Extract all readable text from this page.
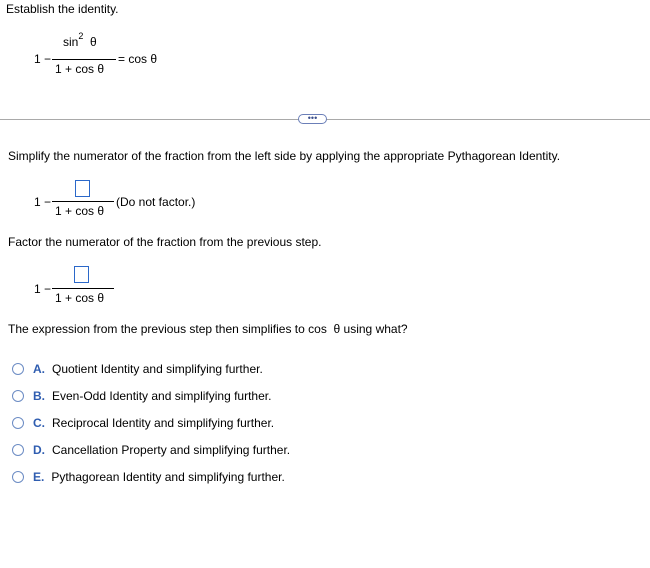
Establish the identity.
1 −
$\sin^2 \theta$
1 + cos θ
= cos θ
•••
Simplify the numerator of the fraction from the left side by applying the appropriate Pythagorean Identity.
1 −
1 + cos θ
(Do not factor.)
Factor the numerator of the fraction from the previous step.
1 −
1 + cos θ
The expression from the previous step then simplifies to cos θ using what?
A. Quotient Identity and simplifying further.
B. Even-Odd Identity and simplifying further.
C. Reciprocal Identity and simplifying further.
D. Cancellation Property and simplifying further.
E. Pythagorean Identity and simplifying further.
